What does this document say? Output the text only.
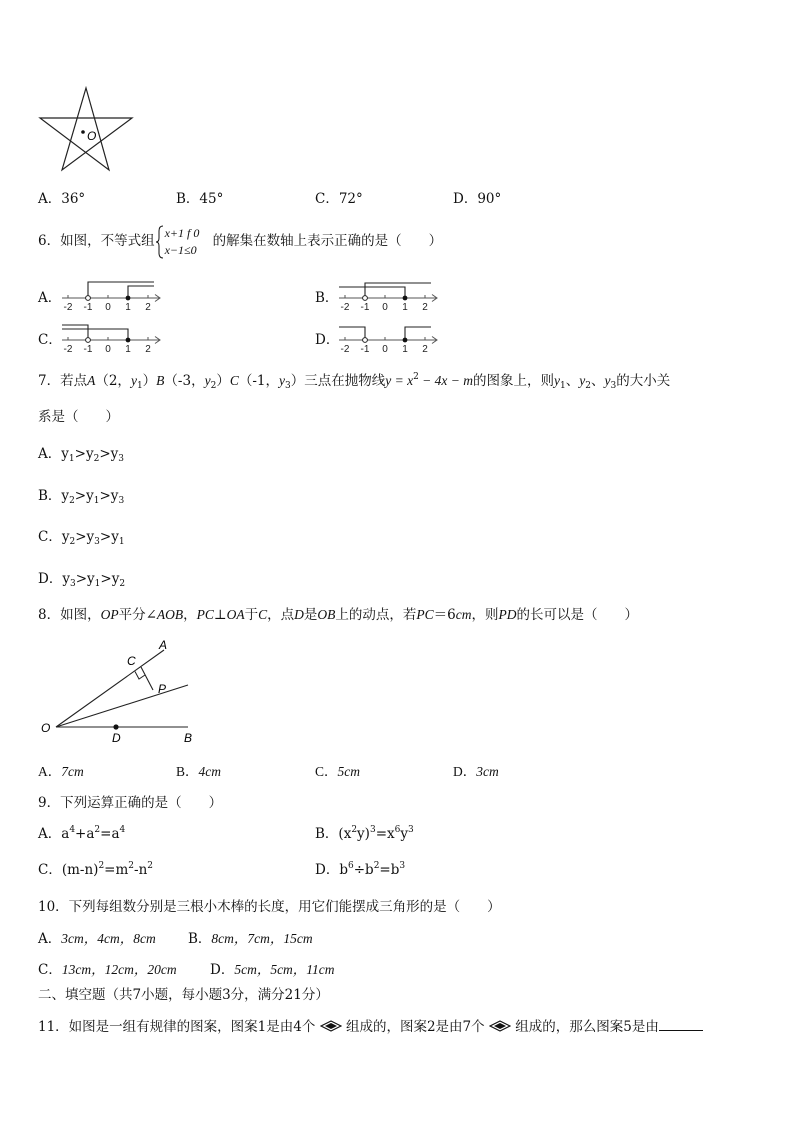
O
A．36°	B．45°	C．72°	D．90°
6．如图，不等式组
x+1 f 0
x−1≤0
的解集在数轴上表示正确的是（　　）
A．	B．
C．	D．
-2 -1 0 1 2	-2 -1 0 1 2
-2 -1 0 1 2	-2 -1 0 1 2
7．若点A（2，$y_1)B(-3$，$y_2)C(-1$，$y_3$）三点在抛物线$y = x^2 - 4x - m$的图象上，则$y_1$、$y_2$、$y_3$的大小关
系是（　　）
A．$y_1>y_2>y_3$
B．$y_2>y_1>y_3$
C．$y_2>y_3>y_1$
D．$y_3>y_1>y_2$
8．如图，OP平分∠AOB，PC⊥OA于C，点D是OB上的动点，若PC＝6cm，则PD的长可以是（　　）
O
A
B
C
P
D
A．7cm	B．4cm	C．5cm	D．3cm
9．下列运算正确的是（　　）
A．$a^4+a^2=a^4$	B．$(x^2y)^3=x^6y^3$
C．$(m-n)^2=m^2-n^2$	D．$b^6\div b^2=b^3$
10．下列每组数分别是三根小木棒的长度，用它们能摆成三角形的是（　　）
A．3cm，4cm，8cm B．8cm，7cm，15cm
C．13cm，12cm，20cm D．5cm，5cm，11cm
二、填空题（共7小题，每小题3分，满分21分）
11．如图是一组有规律的图案，图案1是由4个 组成的，图案2是由7个 组成的，那么图案5是由
